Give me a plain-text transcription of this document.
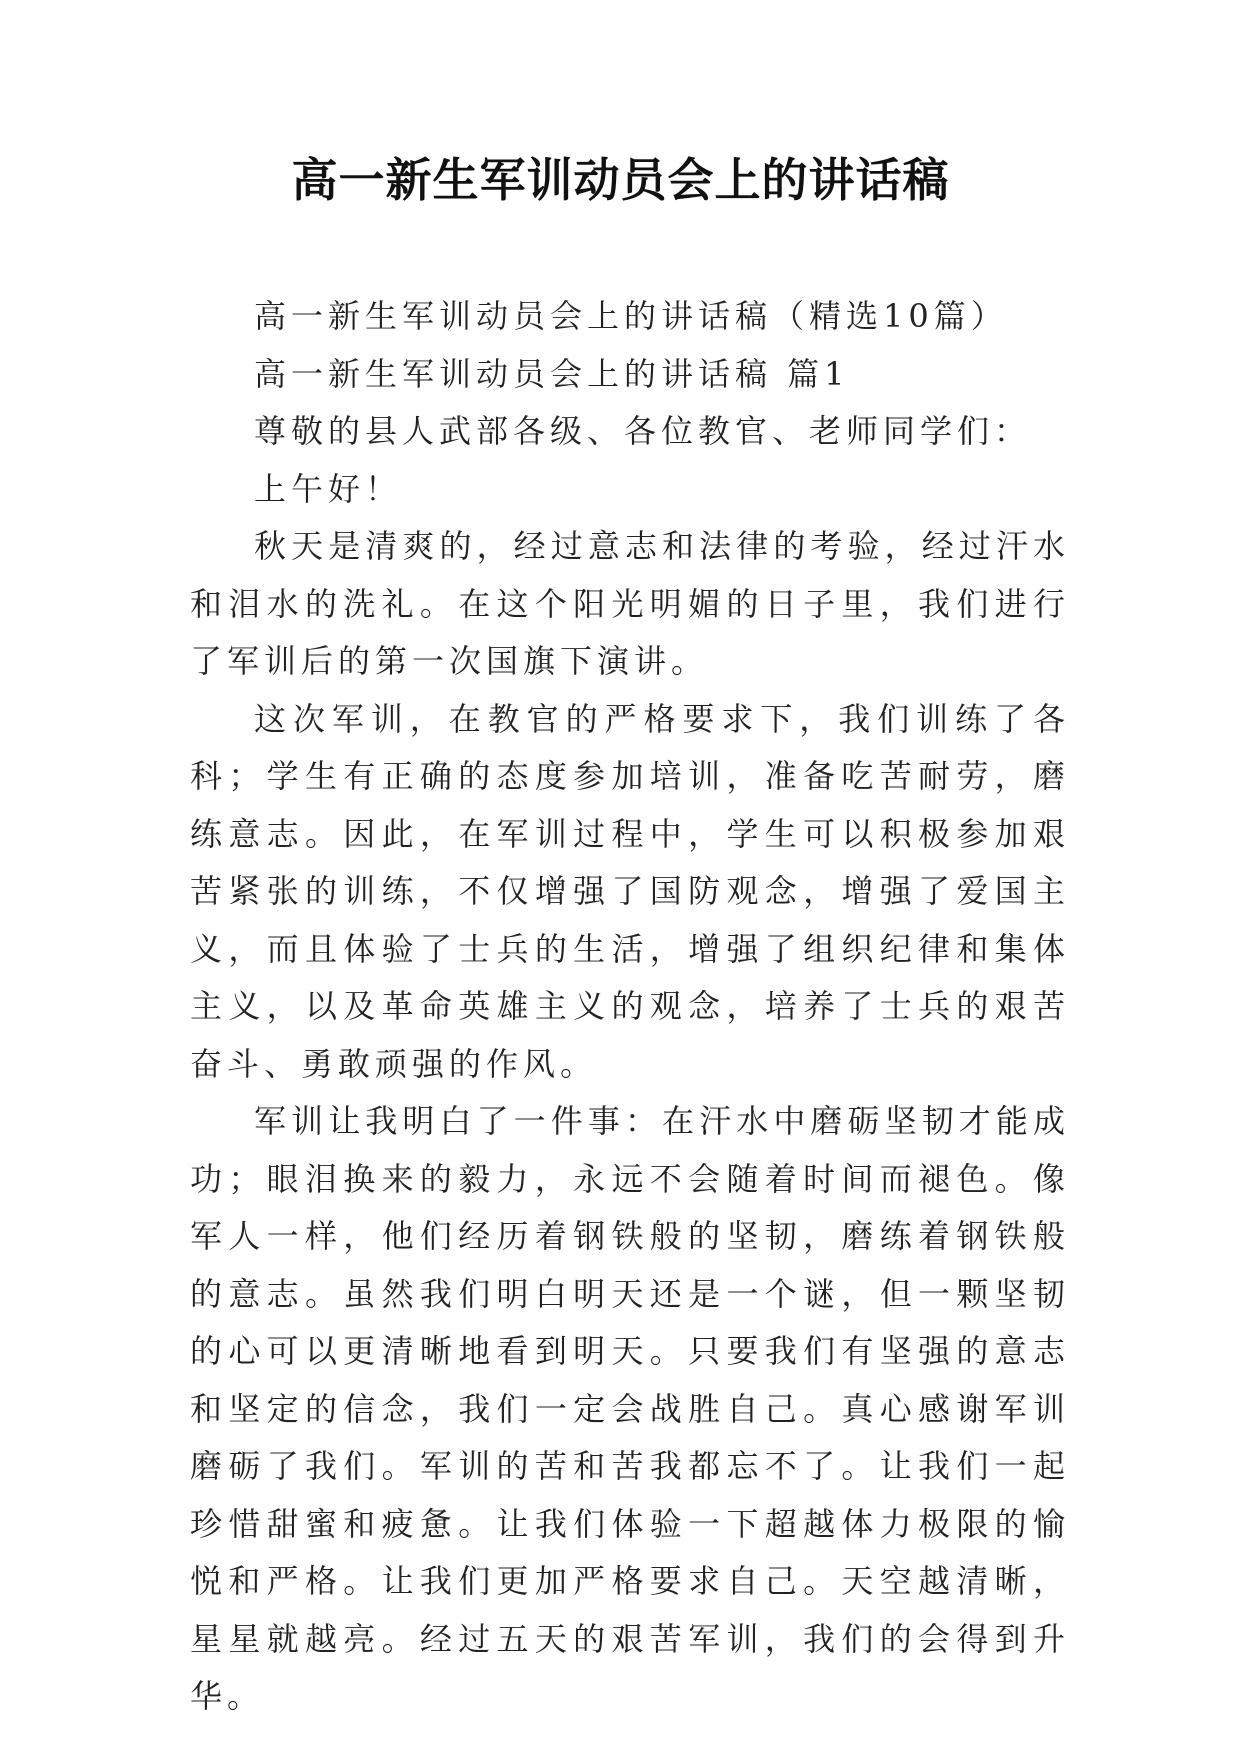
高一新生军训动员会上的讲话稿

高一新生军训动员会上的讲话稿（精选10篇）

高一新生军训动员会上的讲话稿 篇1

尊敬的县人武部各级、各位教官、老师同学们：

上午好！

秋天是清爽的，经过意志和法律的考验，经过汗水和泪水的洗礼。在这个阳光明媚的日子里，我们进行了军训后的第一次国旗下演讲。

这次军训，在教官的严格要求下，我们训练了各科；学生有正确的态度参加培训，准备吃苦耐劳，磨练意志。因此，在军训过程中，学生可以积极参加艰苦紧张的训练，不仅增强了国防观念，增强了爱国主义，而且体验了士兵的生活，增强了组织纪律和集体主义，以及革命英雄主义的观念，培养了士兵的艰苦奋斗、勇敢顽强的作风。

军训让我明白了一件事：在汗水中磨砺坚韧才能成功；眼泪换来的毅力，永远不会随着时间而褪色。像军人一样，他们经历着钢铁般的坚韧，磨练着钢铁般的意志。虽然我们明白明天还是一个谜，但一颗坚韧的心可以更清晰地看到明天。只要我们有坚强的意志和坚定的信念，我们一定会战胜自己。真心感谢军训磨砺了我们。军训的苦和苦我都忘不了。让我们一起珍惜甜蜜和疲惫。让我们体验一下超越体力极限的愉悦和严格。让我们更加严格要求自己。天空越清晰，星星就越亮。经过五天的艰苦军训，我们的会得到升华。
